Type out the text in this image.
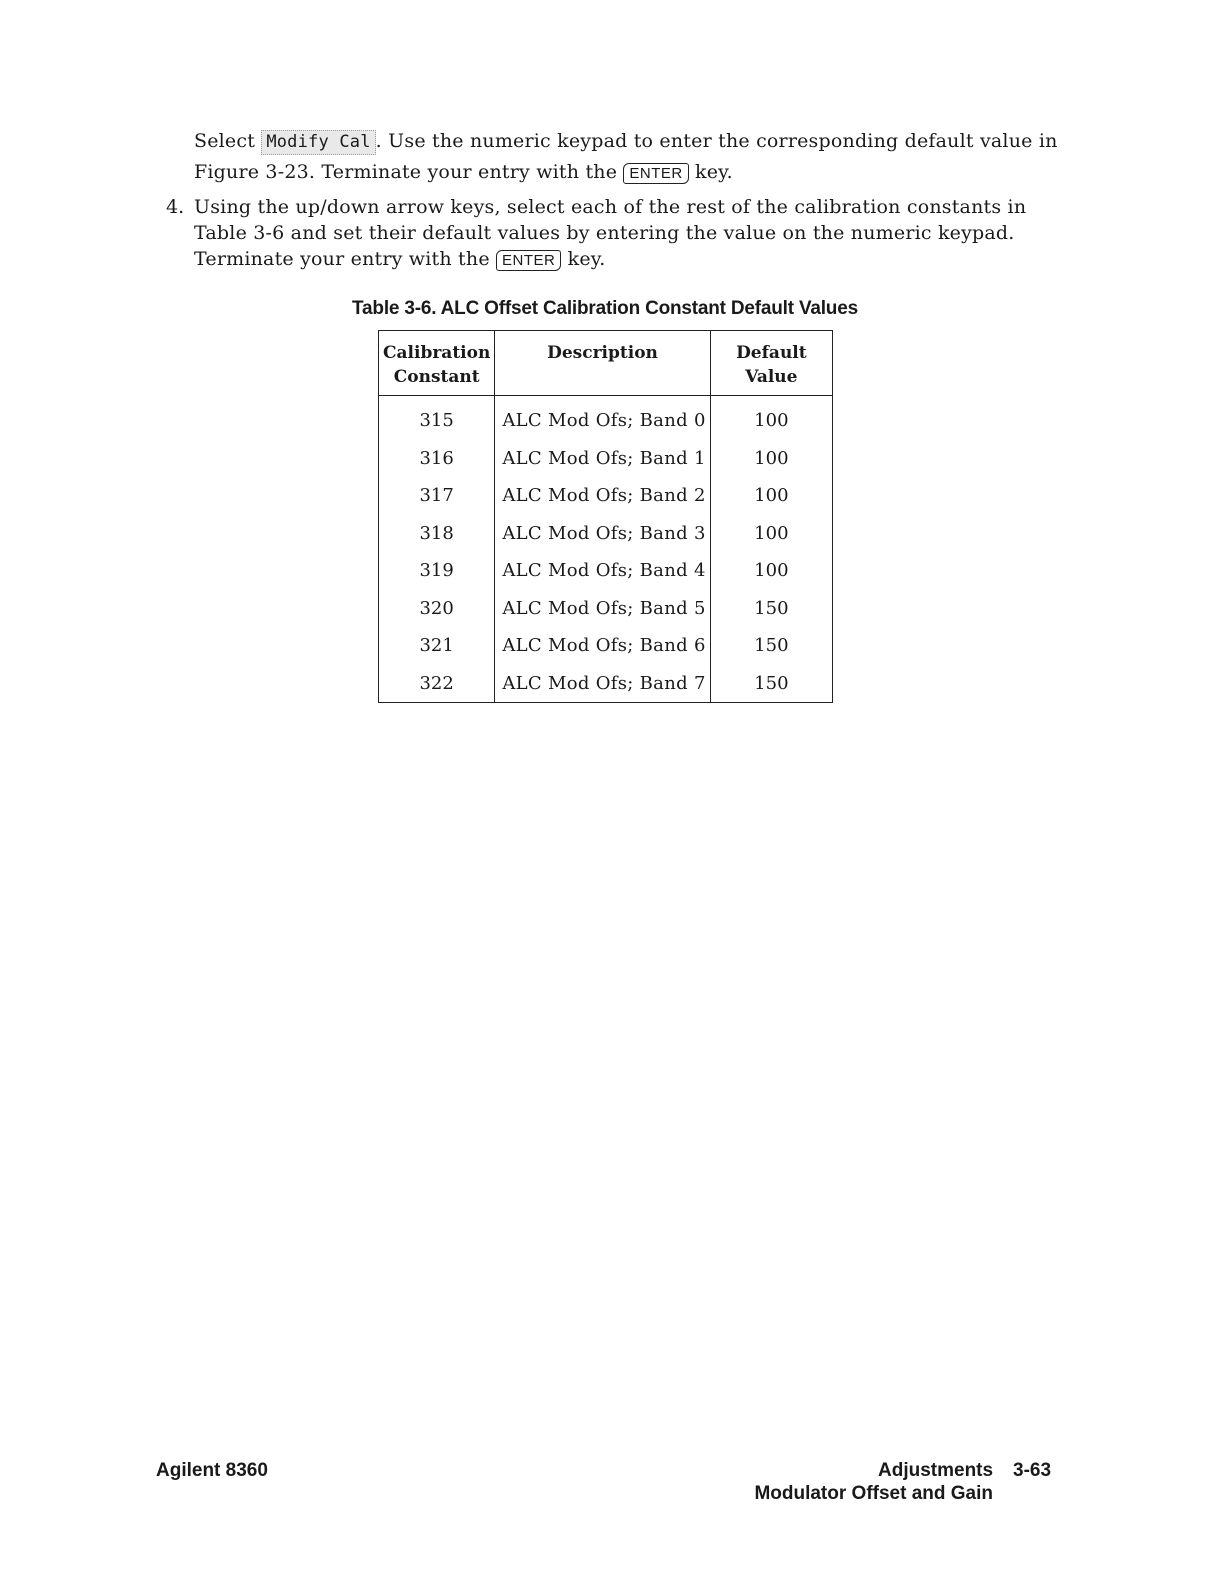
Select Modify Cal . Use the numeric keypad to enter the corresponding default value in
Figure 3-23. Terminate your entry with the ENTER key.
4. Using the up/down arrow keys, select each of the rest of the calibration constants in
Table 3-6 and set their default values by entering the value on the numeric keypad.
Terminate your entry with the ENTER key.
Table 3-6. ALC Offset Calibration Constant Default Values
Calibration
Constant	Description	Default Value
315	ALC Mod Ofs; Band 0	100
316	ALC Mod Ofs; Band 1	100
317	ALC Mod Ofs; Band 2	100
318	ALC Mod Ofs; Band 3	100
319	ALC Mod Ofs; Band 4	100
320	ALC Mod Ofs; Band 5	150
321	ALC Mod Ofs; Band 6	150
322	ALC Mod Ofs; Band 7	150
Agilent 8360	Adjustments 3-63
Modulator Offset and Gain
